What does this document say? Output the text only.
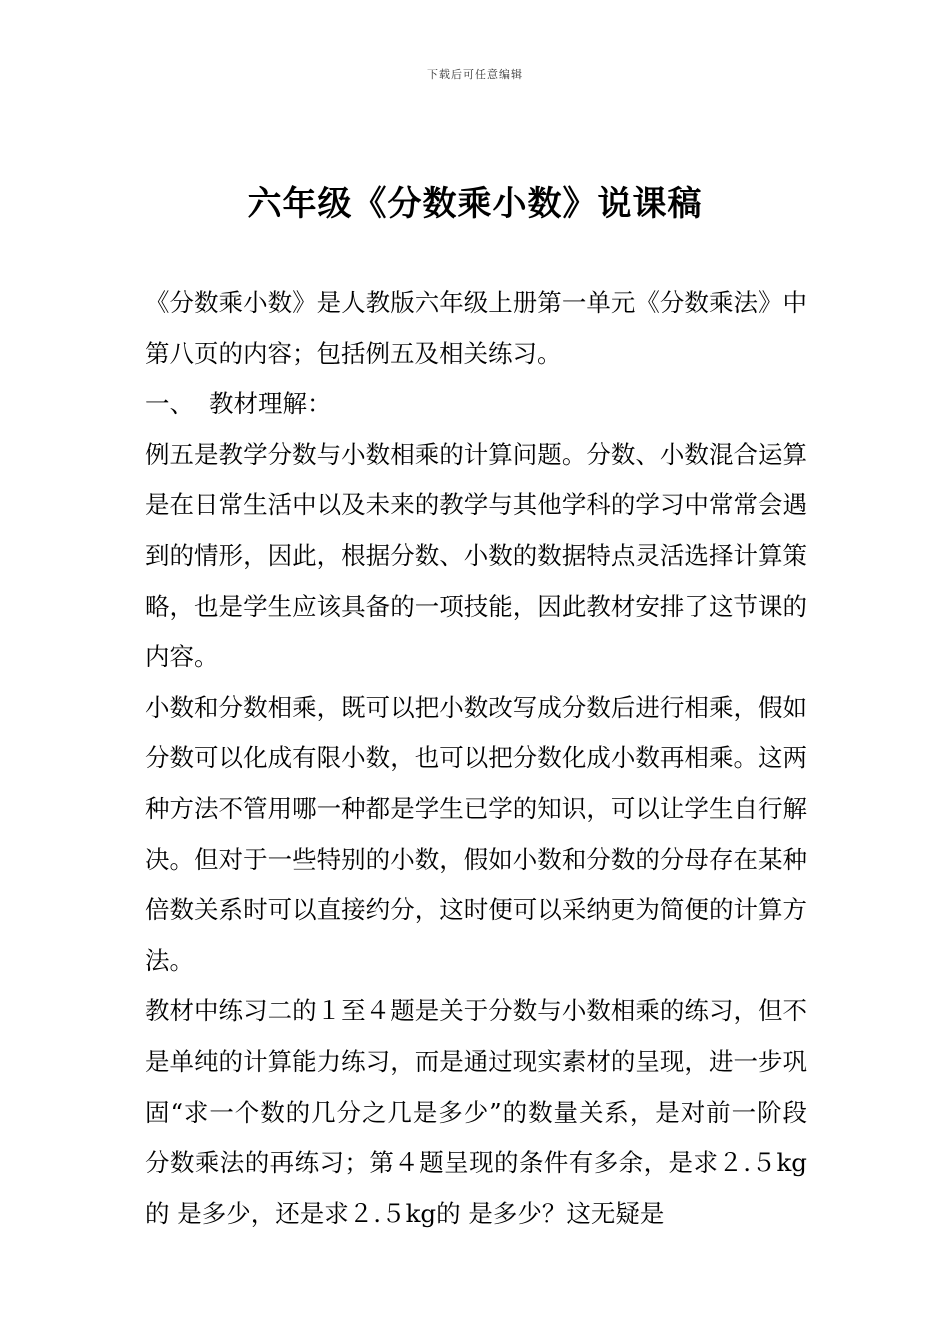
下载后可任意编辑
六年级《分数乘小数》说课稿

《分数乘小数》是人教版六年级上册第一单元《分数乘法》中第八页的内容；包括例五及相关练习。

一、 教材理解：

例五是教学分数与小数相乘的计算问题。分数、小数混合运算是在日常生活中以及未来的教学与其他学科的学习中常常会遇到的情形，因此，根据分数、小数的数据特点灵活选择计算策略，也是学生应该具备的一项技能，因此教材安排了这节课的内容。

小数和分数相乘，既可以把小数改写成分数后进行相乘，假如分数可以化成有限小数，也可以把分数化成小数再相乘。这两种方法不管用哪一种都是学生已学的知识，可以让学生自行解决。但对于一些特别的小数，假如小数和分数的分母存在某种倍数关系时可以直接约分，这时便可以采纳更为简便的计算方法。

教材中练习二的１至４题是关于分数与小数相乘的练习，但不是单纯的计算能力练习，而是通过现实素材的呈现，进一步巩固“求一个数的几分之几是多少”的数量关系，是对前一阶段分数乘法的再练习；第４题呈现的条件有多余，是求２.５kg的 是多少，还是求２.５kg的 是多少？这无疑是
